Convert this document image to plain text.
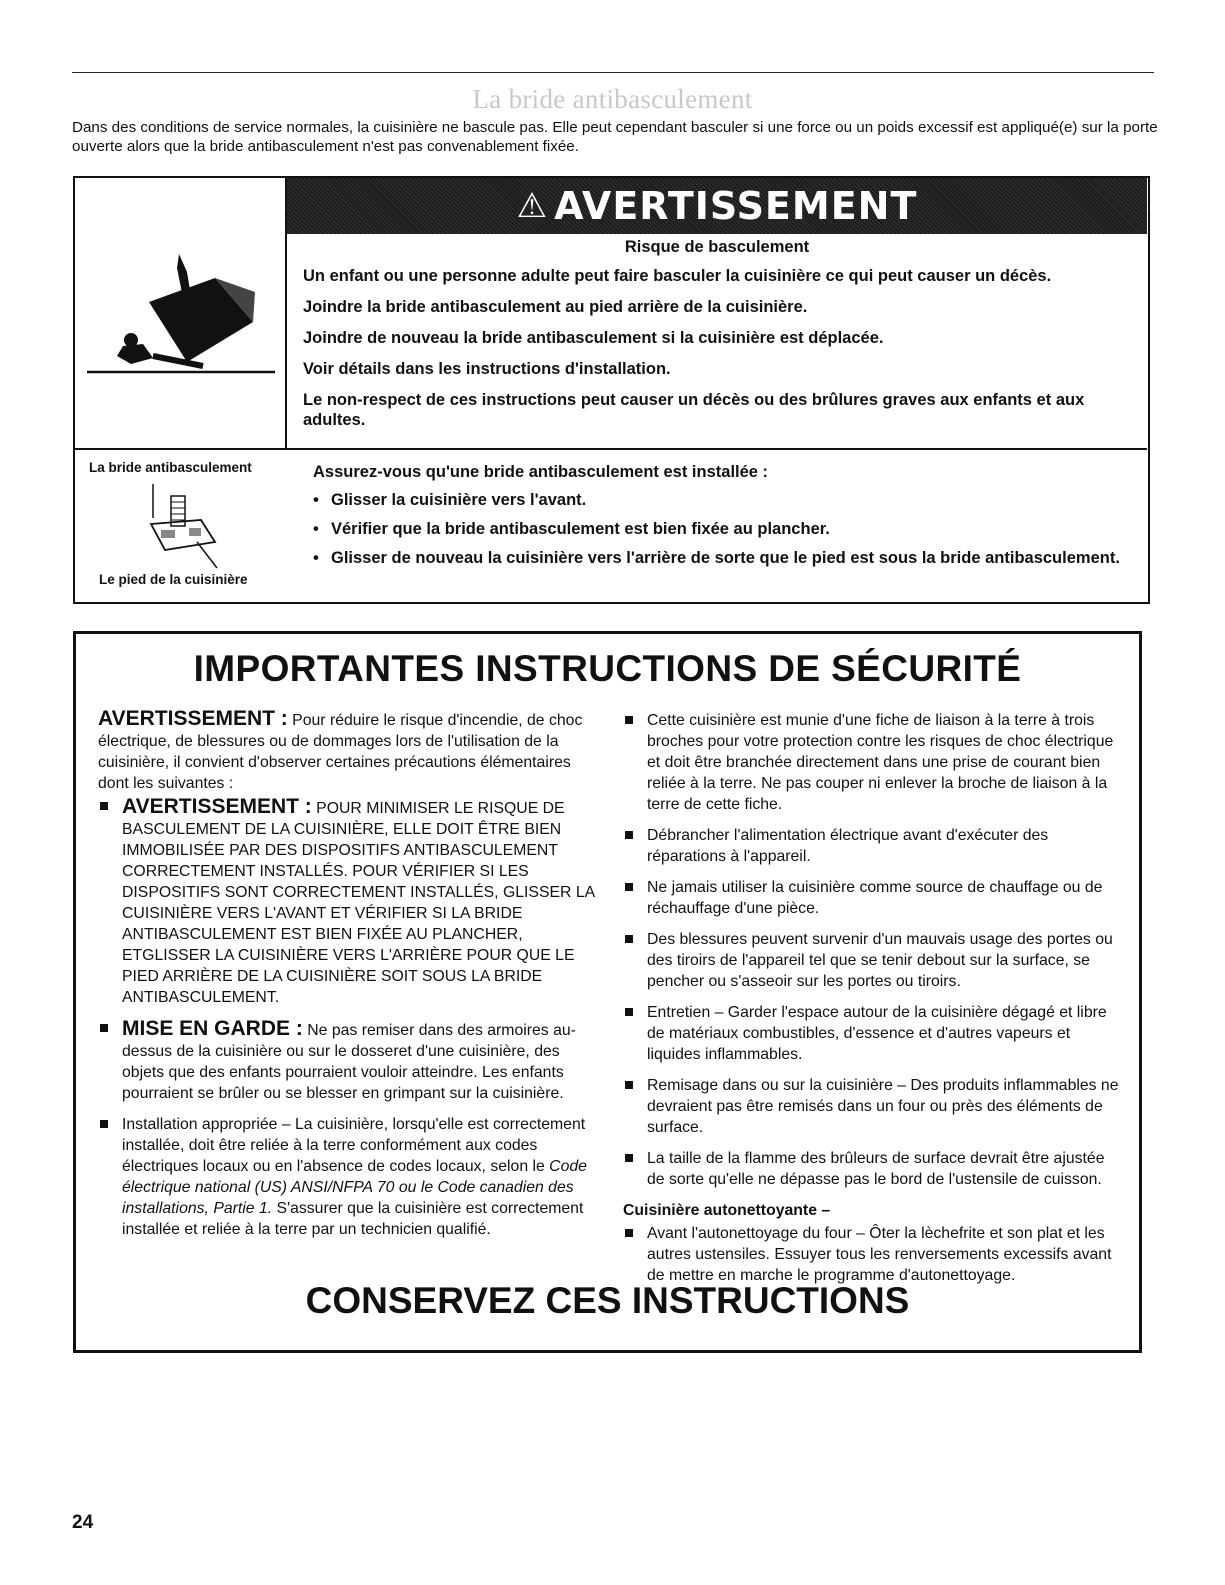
La bride antibasculement
Dans des conditions de service normales, la cuisinière ne bascule pas. Elle peut cependant basculer si une force ou un poids excessif est appliqué(e) sur la porte ouverte alors que la bride antibasculement n'est pas convenablement fixée.
⚠ AVERTISSEMENT
Risque de basculement

Un enfant ou une personne adulte peut faire basculer la cuisinière ce qui peut causer un décès.

Joindre la bride antibasculement au pied arrière de la cuisinière.

Joindre de nouveau la bride antibasculement si la cuisinière est déplacée.

Voir détails dans les instructions d'installation.

Le non-respect de ces instructions peut causer un décès ou des brûlures graves aux enfants et aux adultes.

La bride antibasculement
Le pied de la cuisinière

Assurez-vous qu'une bride antibasculement est installée :

• Glisser la cuisinière vers l'avant.
• Vérifier que la bride antibasculement est bien fixée au plancher.
• Glisser de nouveau la cuisinière vers l'arrière de sorte que le pied est sous la bride antibasculement.
IMPORTANTES INSTRUCTIONS DE SÉCURITÉ

AVERTISSEMENT : Pour réduire le risque d'incendie, de choc électrique, de blessures ou de dommages lors de l'utilisation de la cuisinière, il convient d'observer certaines précautions élémentaires dont les suivantes :

AVERTISSEMENT : POUR MINIMISER LE RISQUE DE BASCULEMENT DE LA CUISINIÈRE, ELLE DOIT ÊTRE BIEN IMMOBILISÉE PAR DES DISPOSITIFS ANTIBASCULEMENT CORRECTEMENT INSTALLÉS. POUR VÉRIFIER SI LES DISPOSITIFS SONT CORRECTEMENT INSTALLÉS, GLISSER LA CUISINIÈRE VERS L'AVANT ET VÉRIFIER SI LA BRIDE ANTIBASCULEMENT EST BIEN FIXÉE AU PLANCHER, ETGLISSER LA CUISINIÈRE VERS L'ARRIÈRE POUR QUE LE PIED ARRIÈRE DE LA CUISINIÈRE SOIT SOUS LA BRIDE ANTIBASCULEMENT.
MISE EN GARDE : Ne pas remiser dans des armoires au-dessus de la cuisinière ou sur le dosseret d'une cuisinière, des objets que des enfants pourraient vouloir atteindre. Les enfants pourraient se brûler ou se blesser en grimpant sur la cuisinière.
Installation appropriée – La cuisinière, lorsqu'elle est correctement installée, doit être reliée à la terre conformément aux codes électriques locaux ou en l'absence de codes locaux, selon le Code électrique national (US) ANSI/NFPA 70 ou le Code canadien des installations, Partie 1. S'assurer que la cuisinière est correctement installée et reliée à la terre par un technicien qualifié.
Cette cuisinière est munie d'une fiche de liaison à la terre à trois broches pour votre protection contre les risques de choc électrique et doit être branchée directement dans une prise de courant bien reliée à la terre. Ne pas couper ni enlever la broche de liaison à la terre de cette fiche.
Débrancher l'alimentation électrique avant d'exécuter des réparations à l'appareil.
Ne jamais utiliser la cuisinière comme source de chauffage ou de réchauffage d'une pièce.
Des blessures peuvent survenir d'un mauvais usage des portes ou des tiroirs de l'appareil tel que se tenir debout sur la surface, se pencher ou s'asseoir sur les portes ou tiroirs.
Entretien – Garder l'espace autour de la cuisinière dégagé et libre de matériaux combustibles, d'essence et d'autres vapeurs et liquides inflammables.
Remisage dans ou sur la cuisinière – Des produits inflammables ne devraient pas être remisés dans un four ou près des éléments de surface.
La taille de la flamme des brûleurs de surface devrait être ajustée de sorte qu'elle ne dépasse pas le bord de l'ustensile de cuisson.

Cuisinière autonettoyante –

Avant l'autonettoyage du four – Ôter la lèchefrite et son plat et les autres ustensiles. Essuyer tous les renversements excessifs avant de mettre en marche le programme d'autonettoyage.
CONSERVEZ CES INSTRUCTIONS
24
